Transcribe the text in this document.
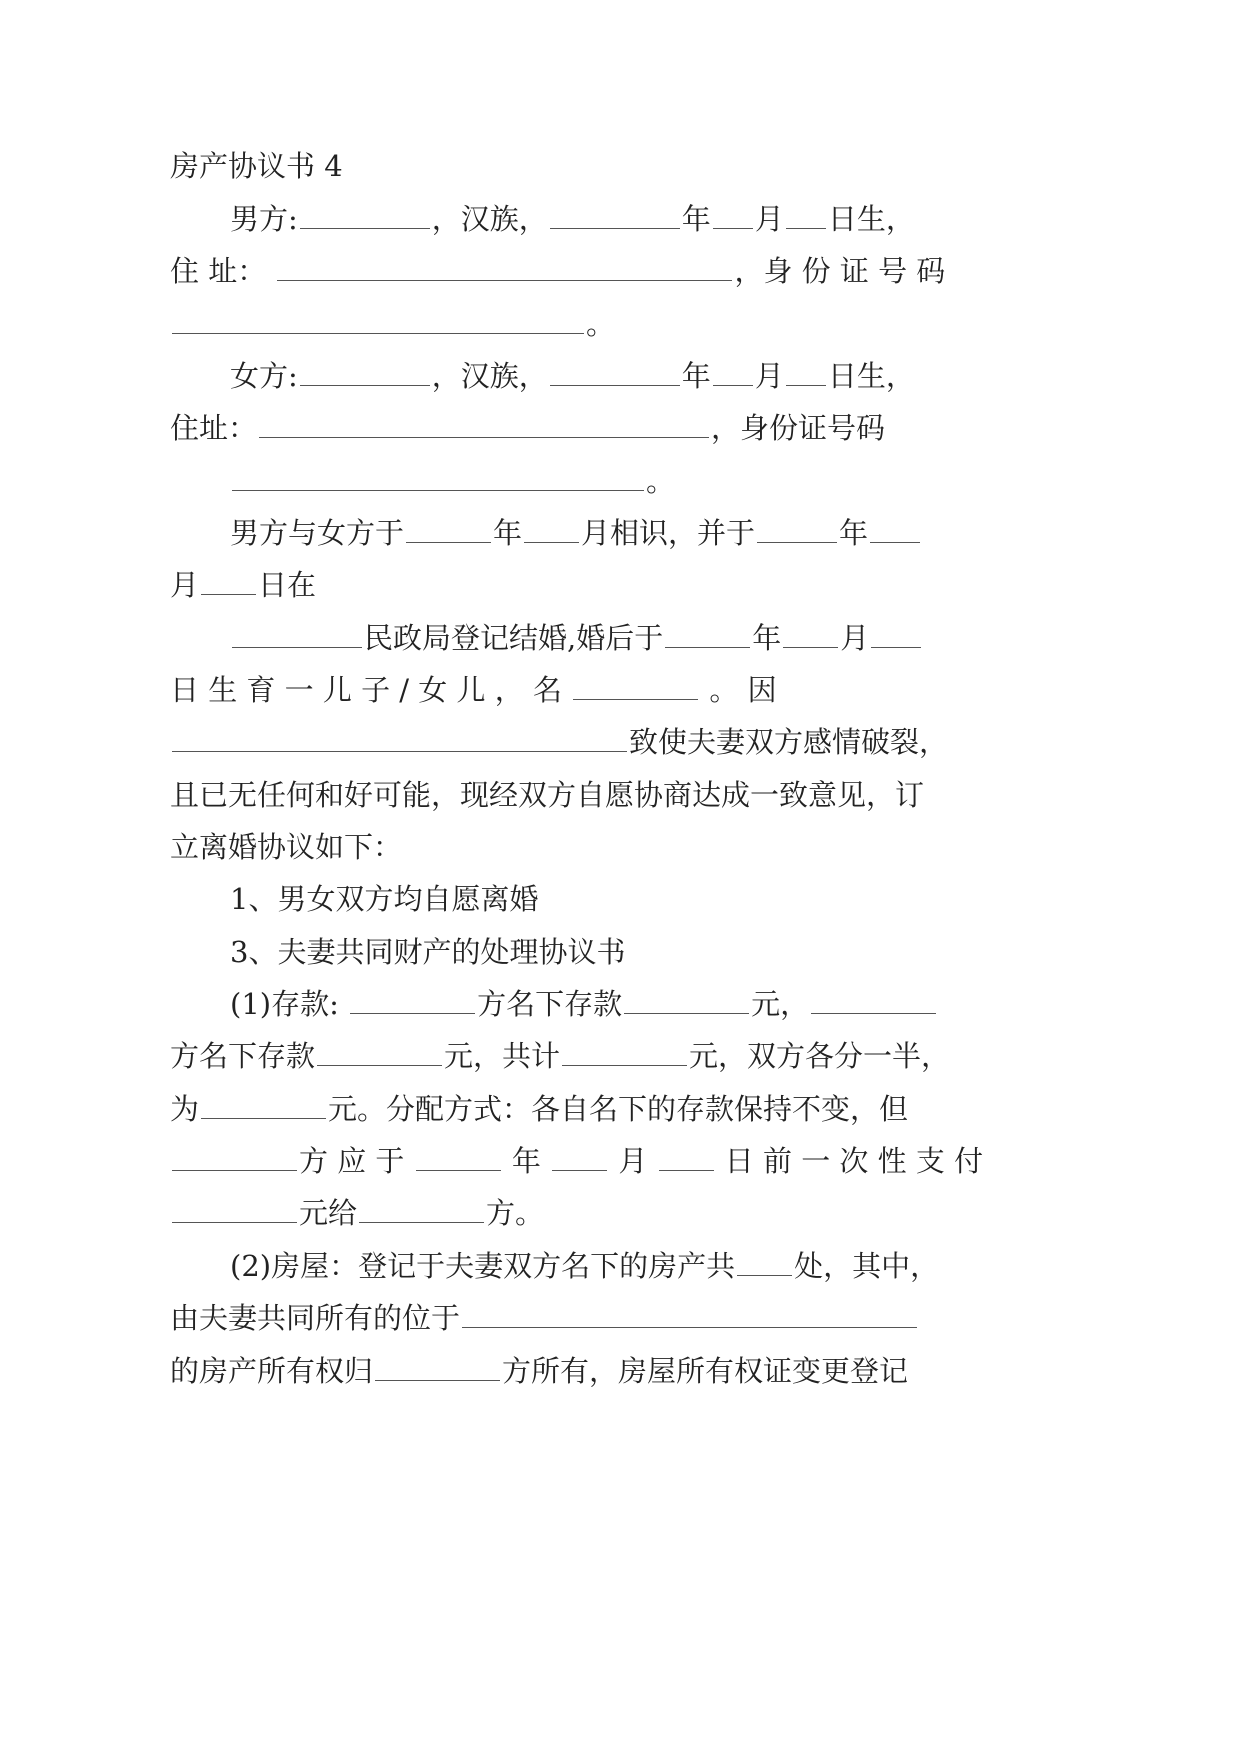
房产协议书 4
男方:	，汉族，	年 月 日生，
住 址：	，身 份 证 号 码
。
女方:	，汉族，	年 月 日生，
住址：	，身份证号码
。
男方与女方于	年 月相识，并于	年
月 日在
民政局登记结婚,婚后于	年 月
日 生 育 一 儿 子 / 女 儿 ， 名	。 因
致使夫妻双方感情破裂，
且已无任何和好可能，现经双方自愿协商达成一致意见，订
立离婚协议如下：
1、男女双方均自愿离婚
3、夫妻共同财产的处理协议书
(1)存款:	方名下存款	元，
方名下存款	元，共计	元，双方各分一半，
为	元。分配方式：各自名下的存款保持不变，但
方 应 于	年	月	日 前 一 次 性 支 付
元给	方。
(2)房屋：登记于夫妻双方名下的房产共 处，其中，
由夫妻共同所有的位于
的房产所有权归	方所有，房屋所有权证变更登记
